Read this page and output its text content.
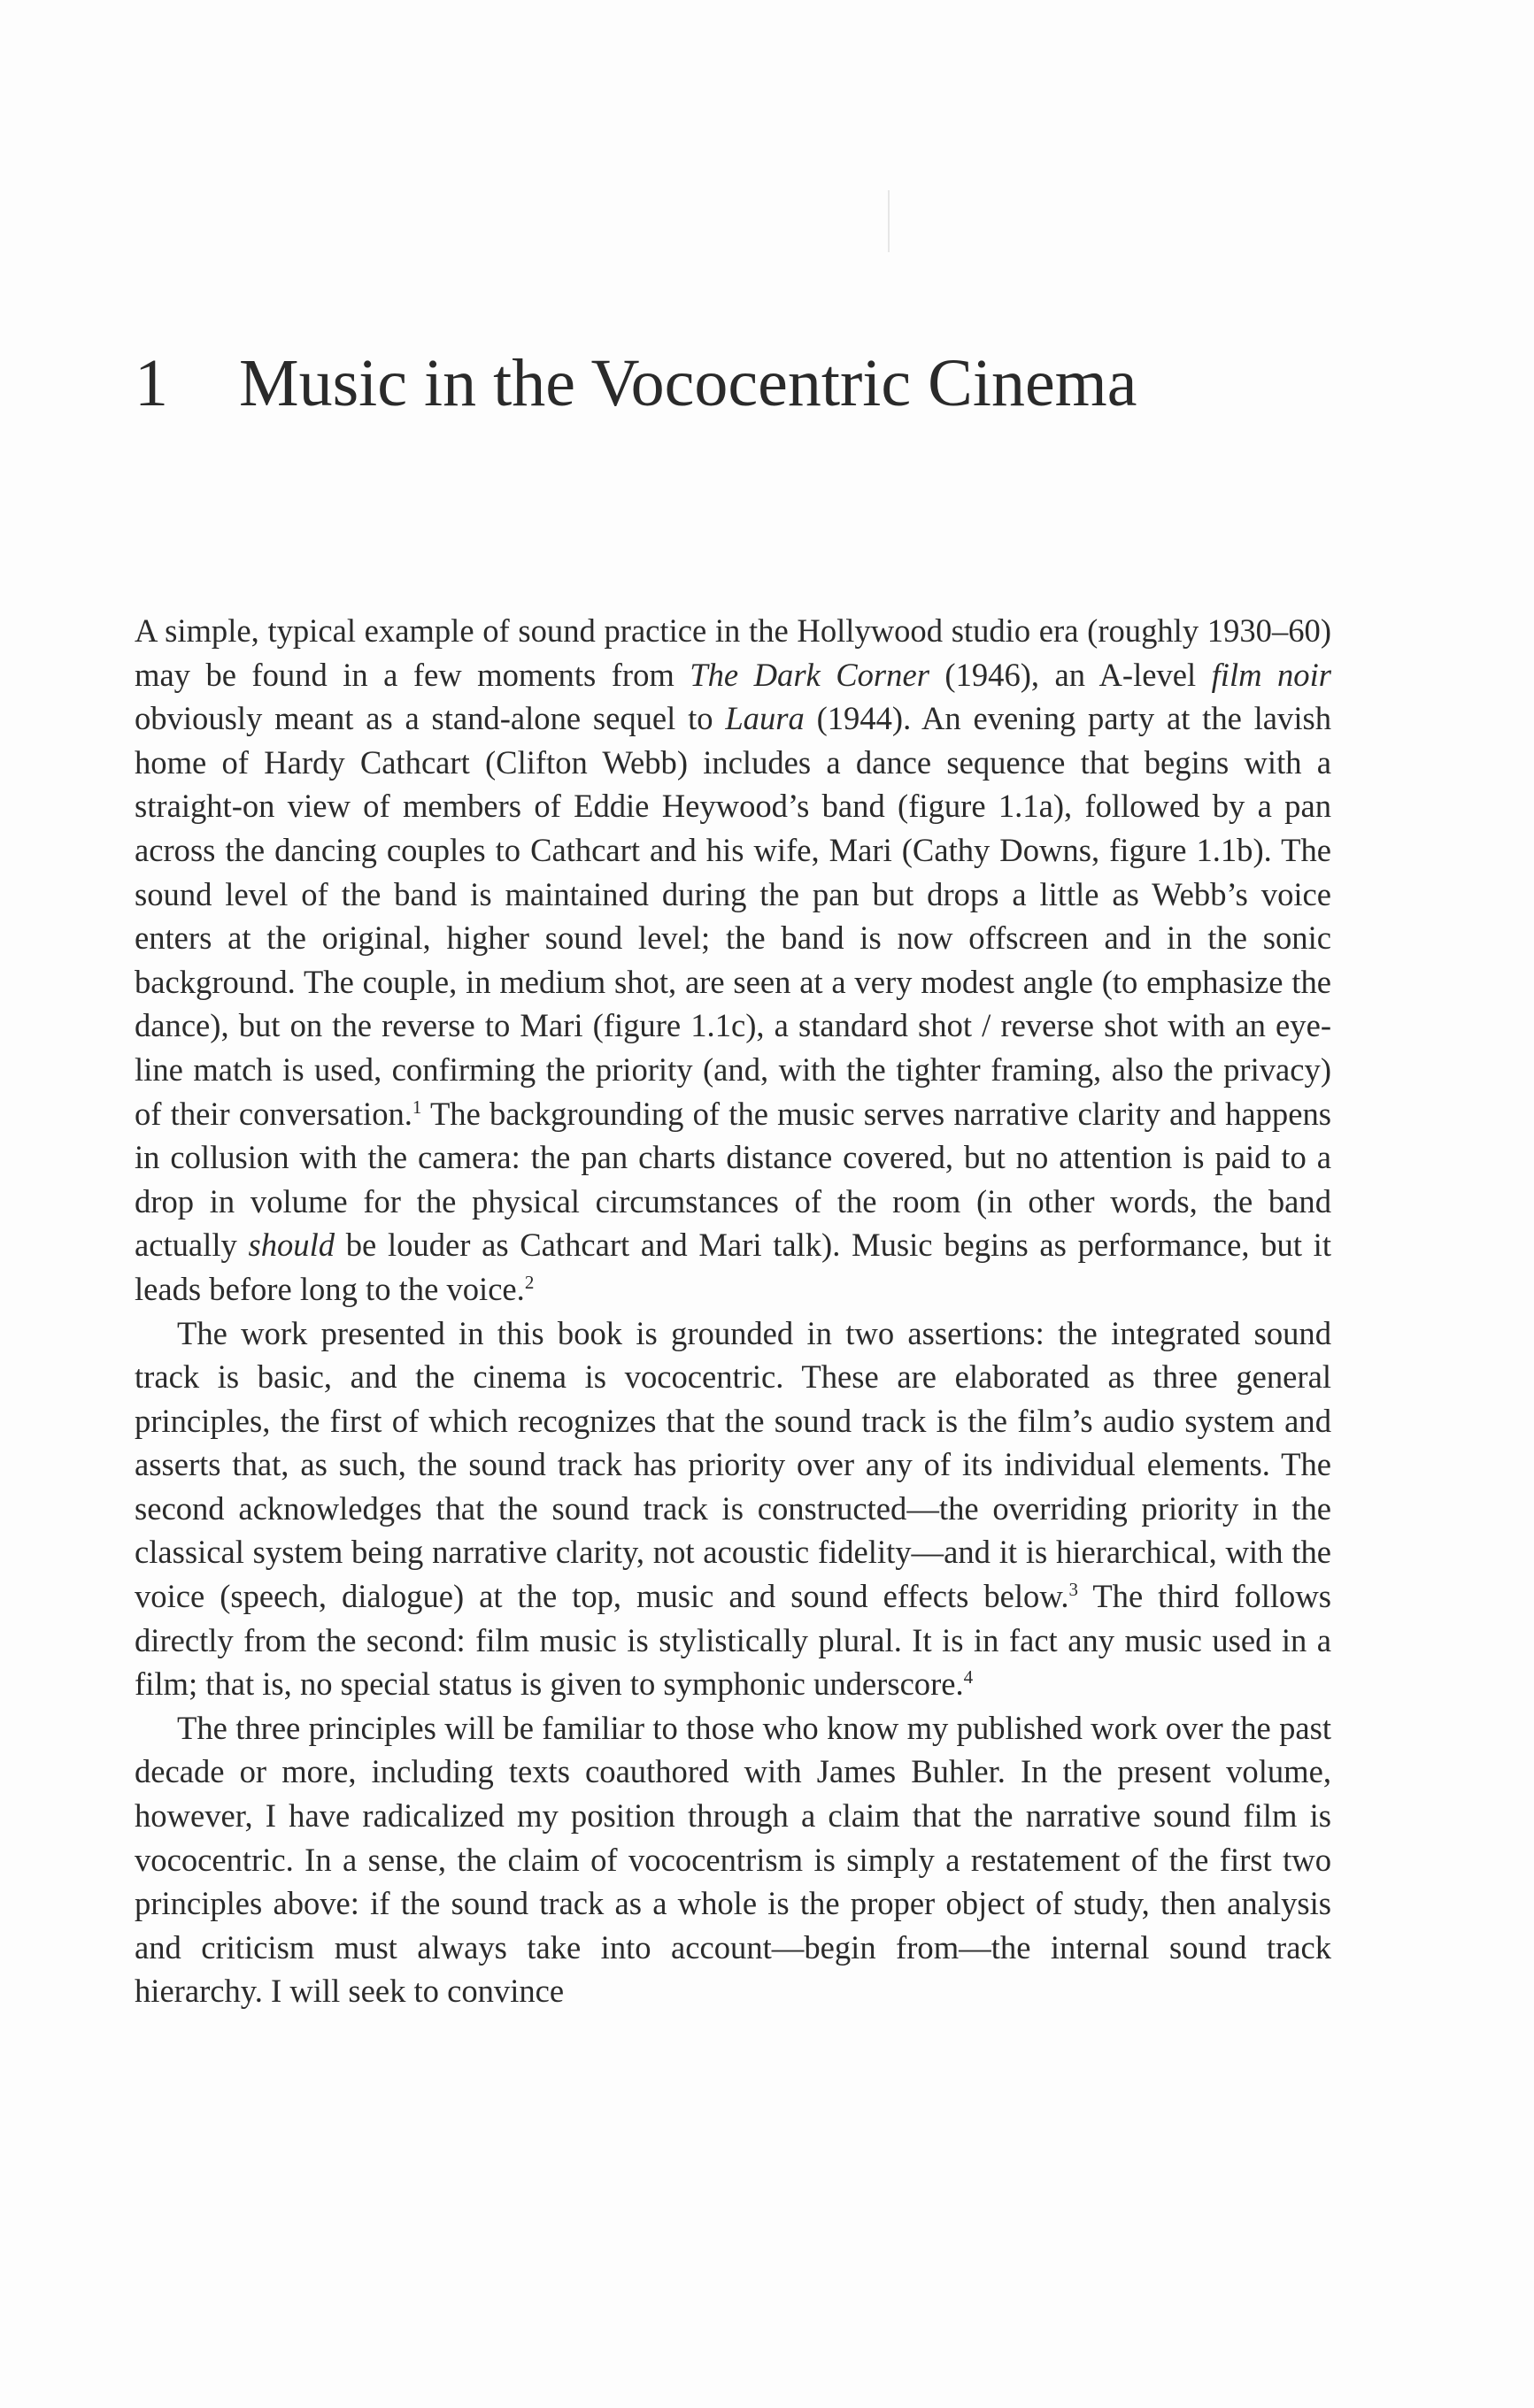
1 Music in the Vococentric Cinema

A simple, typical example of sound practice in the Hollywood studio era (roughly 1930–60) may be found in a few moments from The Dark Corner (1946), an A-level film noir obviously meant as a stand-alone sequel to Laura (1944). An evening party at the lavish home of Hardy Cathcart (Clifton Webb) includes a dance sequence that begins with a straight-on view of members of Eddie Heywood’s band (figure 1.1a), followed by a pan across the dancing couples to Cathcart and his wife, Mari (Cathy Downs, figure 1.1b). The sound level of the band is maintained during the pan but drops a little as Webb’s voice enters at the original, higher sound level; the band is now offscreen and in the sonic background. The couple, in medium shot, are seen at a very modest angle (to emphasize the dance), but on the reverse to Mari (figure 1.1c), a standard shot / reverse shot with an eyeline match is used, confirming the priority (and, with the tighter framing, also the privacy) of their conversation.$^1$ The backgrounding of the music serves narrative clarity and happens in collusion with the camera: the pan charts distance covered, but no attention is paid to a drop in volume for the physical circumstances of the room (in other words, the band actually should be louder as Cathcart and Mari talk). Music begins as performance, but it leads before long to the voice.$^2$

The work presented in this book is grounded in two assertions: the integrated sound track is basic, and the cinema is vococentric. These are elaborated as three general principles, the first of which recognizes that the sound track is the film’s audio system and asserts that, as such, the sound track has priority over any of its individual elements. The second acknowledges that the sound track is constructed—the overriding priority in the classical system being narrative clarity, not acoustic fidelity—and it is hierarchical, with the voice (speech, dialogue) at the top, music and sound effects below.$^3$ The third follows directly from the second: film music is stylistically plural. It is in fact any music used in a film; that is, no special status is given to symphonic underscore.$^4$

The three principles will be familiar to those who know my published work over the past decade or more, including texts coauthored with James Buhler. In the present volume, however, I have radicalized my position through a claim that the narrative sound film is vococentric. In a sense, the claim of vococentrism is simply a restatement of the first two principles above: if the sound track as a whole is the proper object of study, then analysis and criticism must always take into account—begin from—the internal sound track hierarchy. I will seek to convince
